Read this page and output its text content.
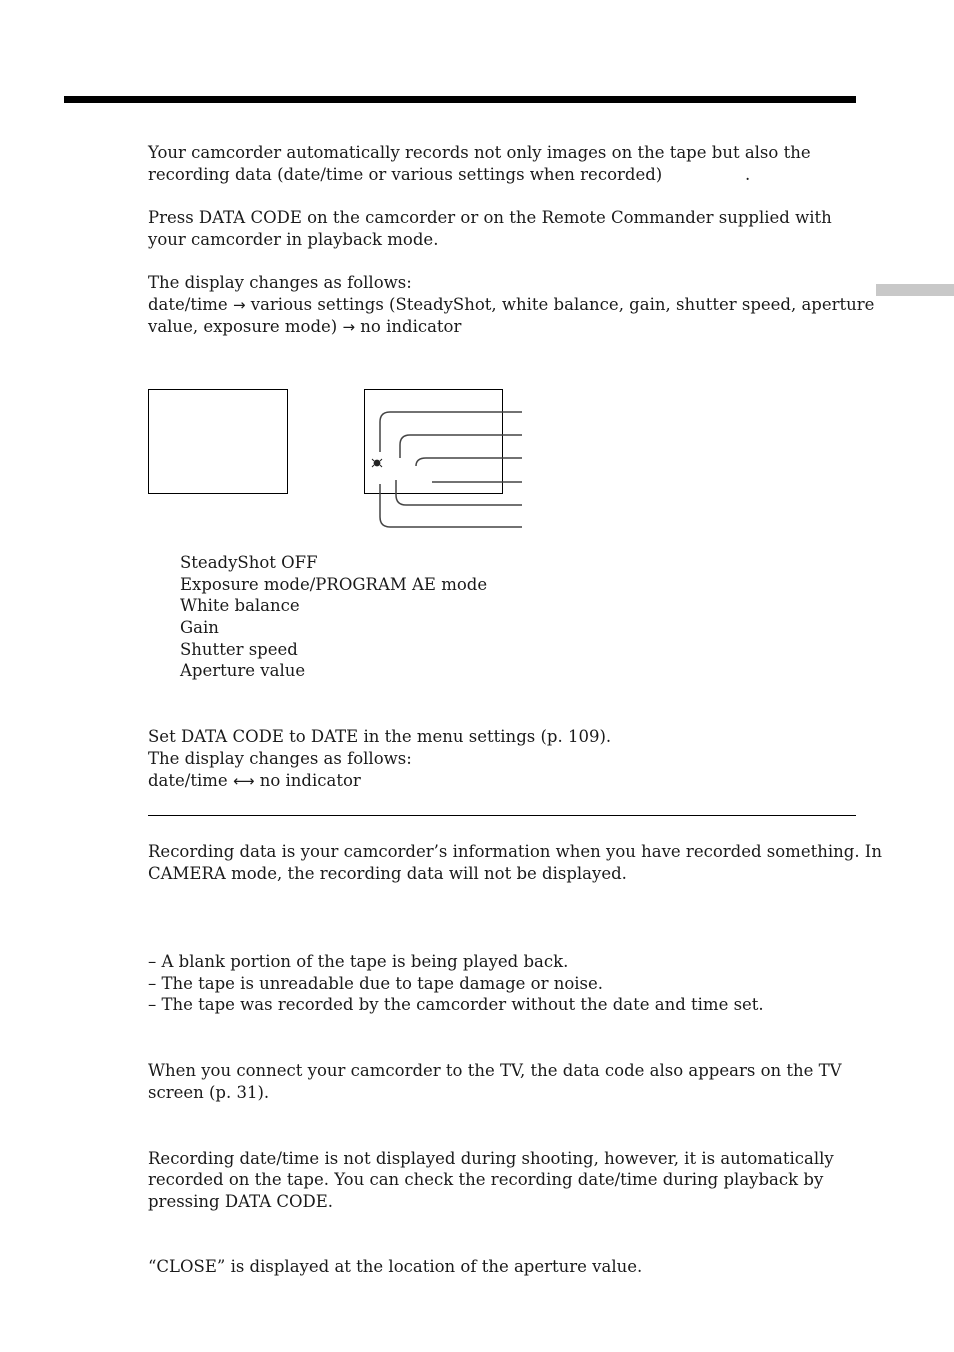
Your camcorder automatically records not only images on the tape but also the
recording data (date/time or various settings when recorded)	.
Press DATA CODE on the camcorder or on the Remote Commander supplied with
your camcorder in playback mode.
The display changes as follows:
date/time → various settings (SteadyShot, white balance, gain, shutter speed, aperture
value, exposure mode) → no indicator
SteadyShot OFF
Exposure mode/PROGRAM AE mode
White balance
Gain
Shutter speed
Aperture value
Set DATA CODE to DATE in the menu settings (p. 109).
The display changes as follows:
date/time ⟷ no indicator
Recording data is your camcorder’s information when you have recorded something. In
CAMERA mode, the recording data will not be displayed.
– A blank portion of the tape is being played back.
– The tape is unreadable due to tape damage or noise.
– The tape was recorded by the camcorder without the date and time set.
When you connect your camcorder to the TV, the data code also appears on the TV
screen (p. 31).
Recording date/time is not displayed during shooting, however, it is automatically
recorded on the tape. You can check the recording date/time during playback by
pressing DATA CODE.
“CLOSE” is displayed at the location of the aperture value.
